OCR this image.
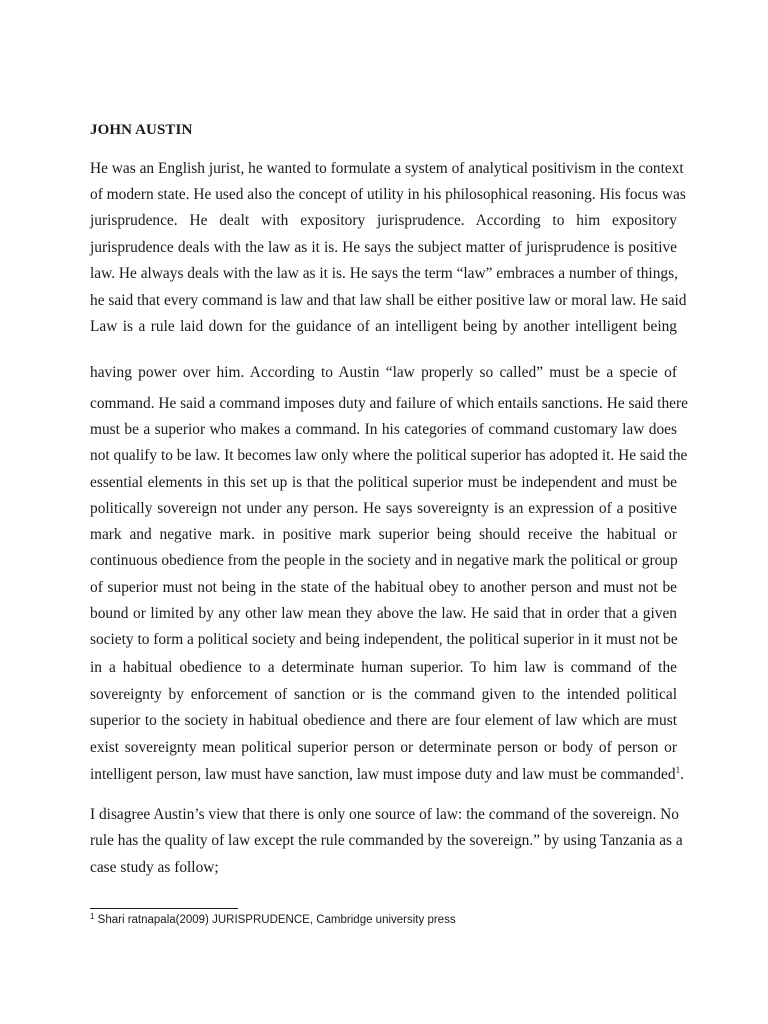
JOHN AUSTIN
He was an English jurist, he wanted to formulate a system of analytical positivism in the context
of modern state. He used also the concept of utility in his philosophical reasoning. His focus was
jurisprudence. He dealt with expository jurisprudence. According to him expository
jurisprudence deals with the law as it is. He says the subject matter of jurisprudence is positive
law. He always deals with the law as it is. He says the term “law” embraces a number of things,
he said that every command is law and that law shall be either positive law or moral law. He said
Law is a rule laid down for the guidance of an intelligent being by another intelligent being
having power over him. According to Austin “law properly so called” must be a specie of
command. He said a command imposes duty and failure of which entails sanctions. He said there
must be a superior who makes a command. In his categories of command customary law does
not qualify to be law. It becomes law only where the political superior has adopted it. He said the
essential elements in this set up is that the political superior must be independent and must be
politically sovereign not under any person. He says sovereignty is an expression of a positive
mark and negative mark. in positive mark superior being should receive the habitual or
continuous obedience from the people in the society and in negative mark the political or group
of superior must not being in the state of the habitual obey to another person and must not be
bound or limited by any other law mean they above the law. He said that in order that a given
society to form a political society and being independent, the political superior in it must not be
in a habitual obedience to a determinate human superior. To him law is command of the
sovereignty by enforcement of sanction or is the command given to the intended political
superior to the society in habitual obedience and there are four element of law which are must
exist sovereignty mean political superior person or determinate person or body of person or
intelligent person, law must have sanction, law must impose duty and law must be commanded$^1$.
I disagree Austin’s view that there is only one source of law: the command of the sovereign. No
rule has the quality of law except the rule commanded by the sovereign.” by using Tanzania as a
case study as follow;
$^1$ Shari ratnapala(2009) JURISPRUDENCE, Cambridge university press
